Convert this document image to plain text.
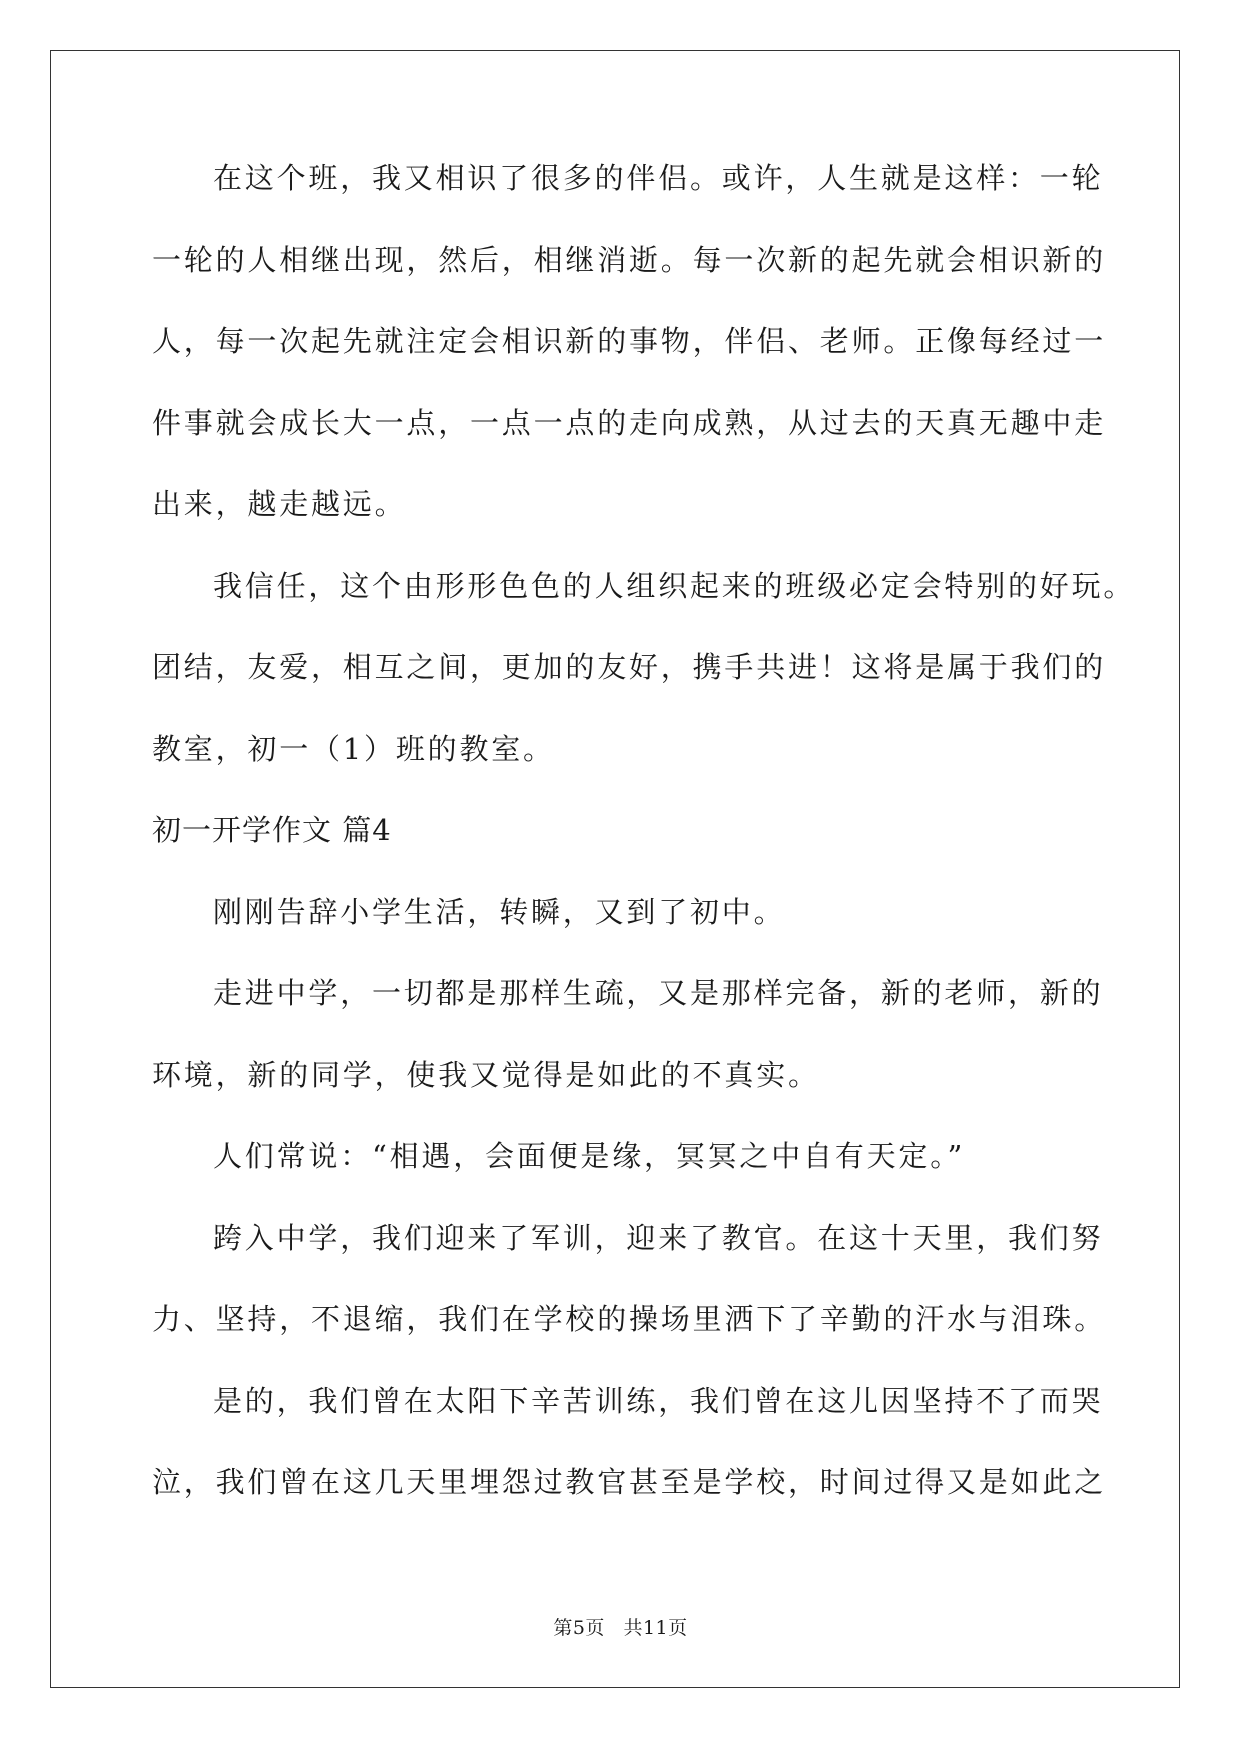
在这个班，我又相识了很多的伴侣。或许，人生就是这样：一轮
一轮的人相继出现，然后，相继消逝。每一次新的起先就会相识新的
人，每一次起先就注定会相识新的事物，伴侣、老师。正像每经过一
件事就会成长大一点，一点一点的走向成熟，从过去的天真无趣中走
出来，越走越远。
我信任，这个由形形色色的人组织起来的班级必定会特别的好玩。
团结，友爱，相互之间，更加的友好，携手共进！这将是属于我们的
教室，初一（1）班的教室。
初一开学作文 篇4
刚刚告辞小学生活，转瞬，又到了初中。
走进中学，一切都是那样生疏，又是那样完备，新的老师，新的
环境，新的同学，使我又觉得是如此的不真实。
人们常说：“相遇，会面便是缘，冥冥之中自有天定。”
跨入中学，我们迎来了军训，迎来了教官。在这十天里，我们努
力、坚持，不退缩，我们在学校的操场里洒下了辛勤的汗水与泪珠。
是的，我们曾在太阳下辛苦训练，我们曾在这儿因坚持不了而哭
泣，我们曾在这几天里埋怨过教官甚至是学校，时间过得又是如此之
第5页 共11页
